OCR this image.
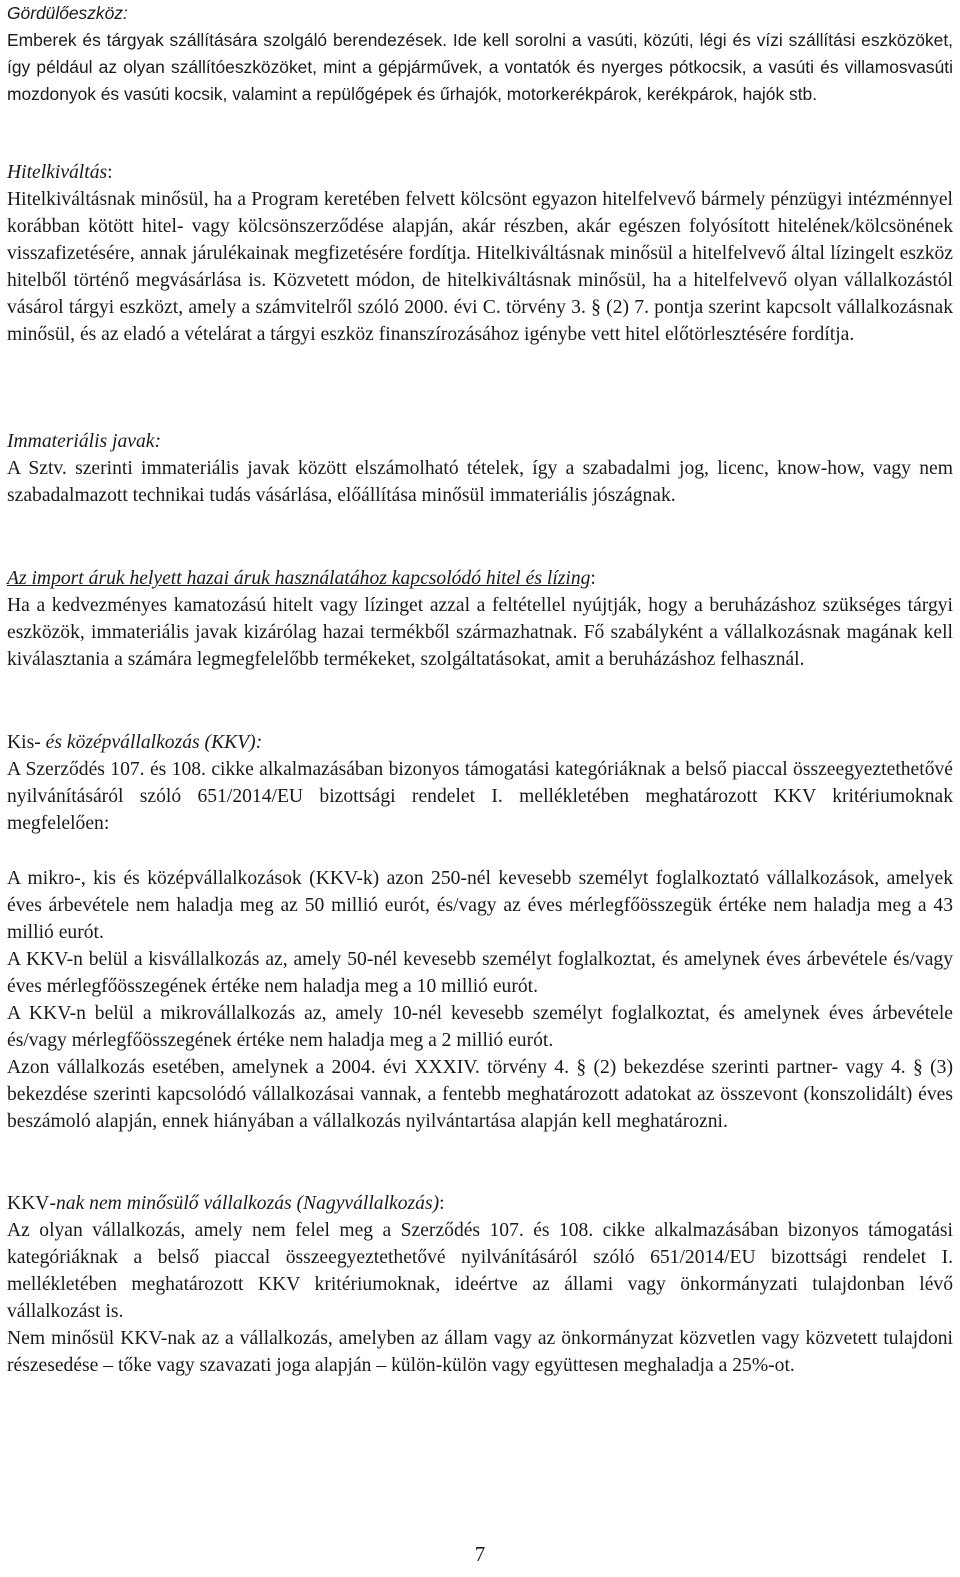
Gördülőeszköz:

Emberek és tárgyak szállítására szolgáló berendezések. Ide kell sorolni a vasúti, közúti, légi és vízi szállítási eszközöket, így például az olyan szállítóeszközöket, mint a gépjárművek, a vontatók és nyerges pótkocsik, a vasúti és villamosvasúti mozdonyok és vasúti kocsik, valamint a repülőgépek és űrhajók, motorkerékpárok, kerékpárok, hajók stb.

Hitelkiváltás:

Hitelkiváltásnak minősül, ha a Program keretében felvett kölcsönt egyazon hitelfelvevő bármely pénzügyi intézménnyel korábban kötött hitel- vagy kölcsönszerződése alapján, akár részben, akár egészen folyósított hitelének/kölcsönének visszafizetésére, annak járulékainak megfizetésére fordítja. Hitelkiváltásnak minősül a hitelfelvevő által lízingelt eszköz hitelből történő megvásárlása is. Közvetett módon, de hitelkiváltásnak minősül, ha a hitelfelvevő olyan vállalkozástól vásárol tárgyi eszközt, amely a számvitelről szóló 2000. évi C. törvény 3. § (2) 7. pontja szerint kapcsolt vállalkozásnak minősül, és az eladó a vételárat a tárgyi eszköz finanszírozásához igénybe vett hitel előtörlesztésére fordítja.

Immateriális javak:

A Sztv. szerinti immateriális javak között elszámolható tételek, így a szabadalmi jog, licenc, know-how, vagy nem szabadalmazott technikai tudás vásárlása, előállítása minősül immateriális jószágnak.

Az import áruk helyett hazai áruk használatához kapcsolódó hitel és lízing:

Ha a kedvezményes kamatozású hitelt vagy lízinget azzal a feltétellel nyújtják, hogy a beruházáshoz szükséges tárgyi eszközök, immateriális javak kizárólag hazai termékből származhatnak. Fő szabályként a vállalkozásnak magának kell kiválasztania a számára legmegfelelőbb termékeket, szolgáltatásokat, amit a beruházáshoz felhasznál.

Kis- és középvállalkozás (KKV):

A Szerződés 107. és 108. cikke alkalmazásában bizonyos támogatási kategóriáknak a belső piaccal összeegyeztethetővé nyilvánításáról szóló 651/2014/EU bizottsági rendelet I. mellékletében meghatározott KKV kritériumoknak megfelelően:

A mikro-, kis és középvállalkozások (KKV-k) azon 250-nél kevesebb személyt foglalkoztató vállalkozások, amelyek éves árbevétele nem haladja meg az 50 millió eurót, és/vagy az éves mérlegfőösszegük értéke nem haladja meg a 43 millió eurót.

A KKV-n belül a kisvállalkozás az, amely 50-nél kevesebb személyt foglalkoztat, és amelynek éves árbevétele és/vagy éves mérlegfőösszegének értéke nem haladja meg a 10 millió eurót.

A KKV-n belül a mikrovállalkozás az, amely 10-nél kevesebb személyt foglalkoztat, és amelynek éves árbevétele és/vagy mérlegfőösszegének értéke nem haladja meg a 2 millió eurót.

Azon vállalkozás esetében, amelynek a 2004. évi XXXIV. törvény 4. § (2) bekezdése szerinti partner- vagy 4. § (3) bekezdése szerinti kapcsolódó vállalkozásai vannak, a fentebb meghatározott adatokat az összevont (konszolidált) éves beszámoló alapján, ennek hiányában a vállalkozás nyilvántartása alapján kell meghatározni.

KKV-nak nem minősülő vállalkozás (Nagyvállalkozás):

Az olyan vállalkozás, amely nem felel meg a Szerződés 107. és 108. cikke alkalmazásában bizonyos támogatási kategóriáknak a belső piaccal összeegyeztethetővé nyilvánításáról szóló 651/2014/EU bizottsági rendelet I. mellékletében meghatározott KKV kritériumoknak, ideértve az állami vagy önkormányzati tulajdonban lévő vállalkozást is.

Nem minősül KKV-nak az a vállalkozás, amelyben az állam vagy az önkormányzat közvetlen vagy közvetett tulajdoni részesedése – tőke vagy szavazati joga alapján – külön-külön vagy együttesen meghaladja a 25%-ot.

7
